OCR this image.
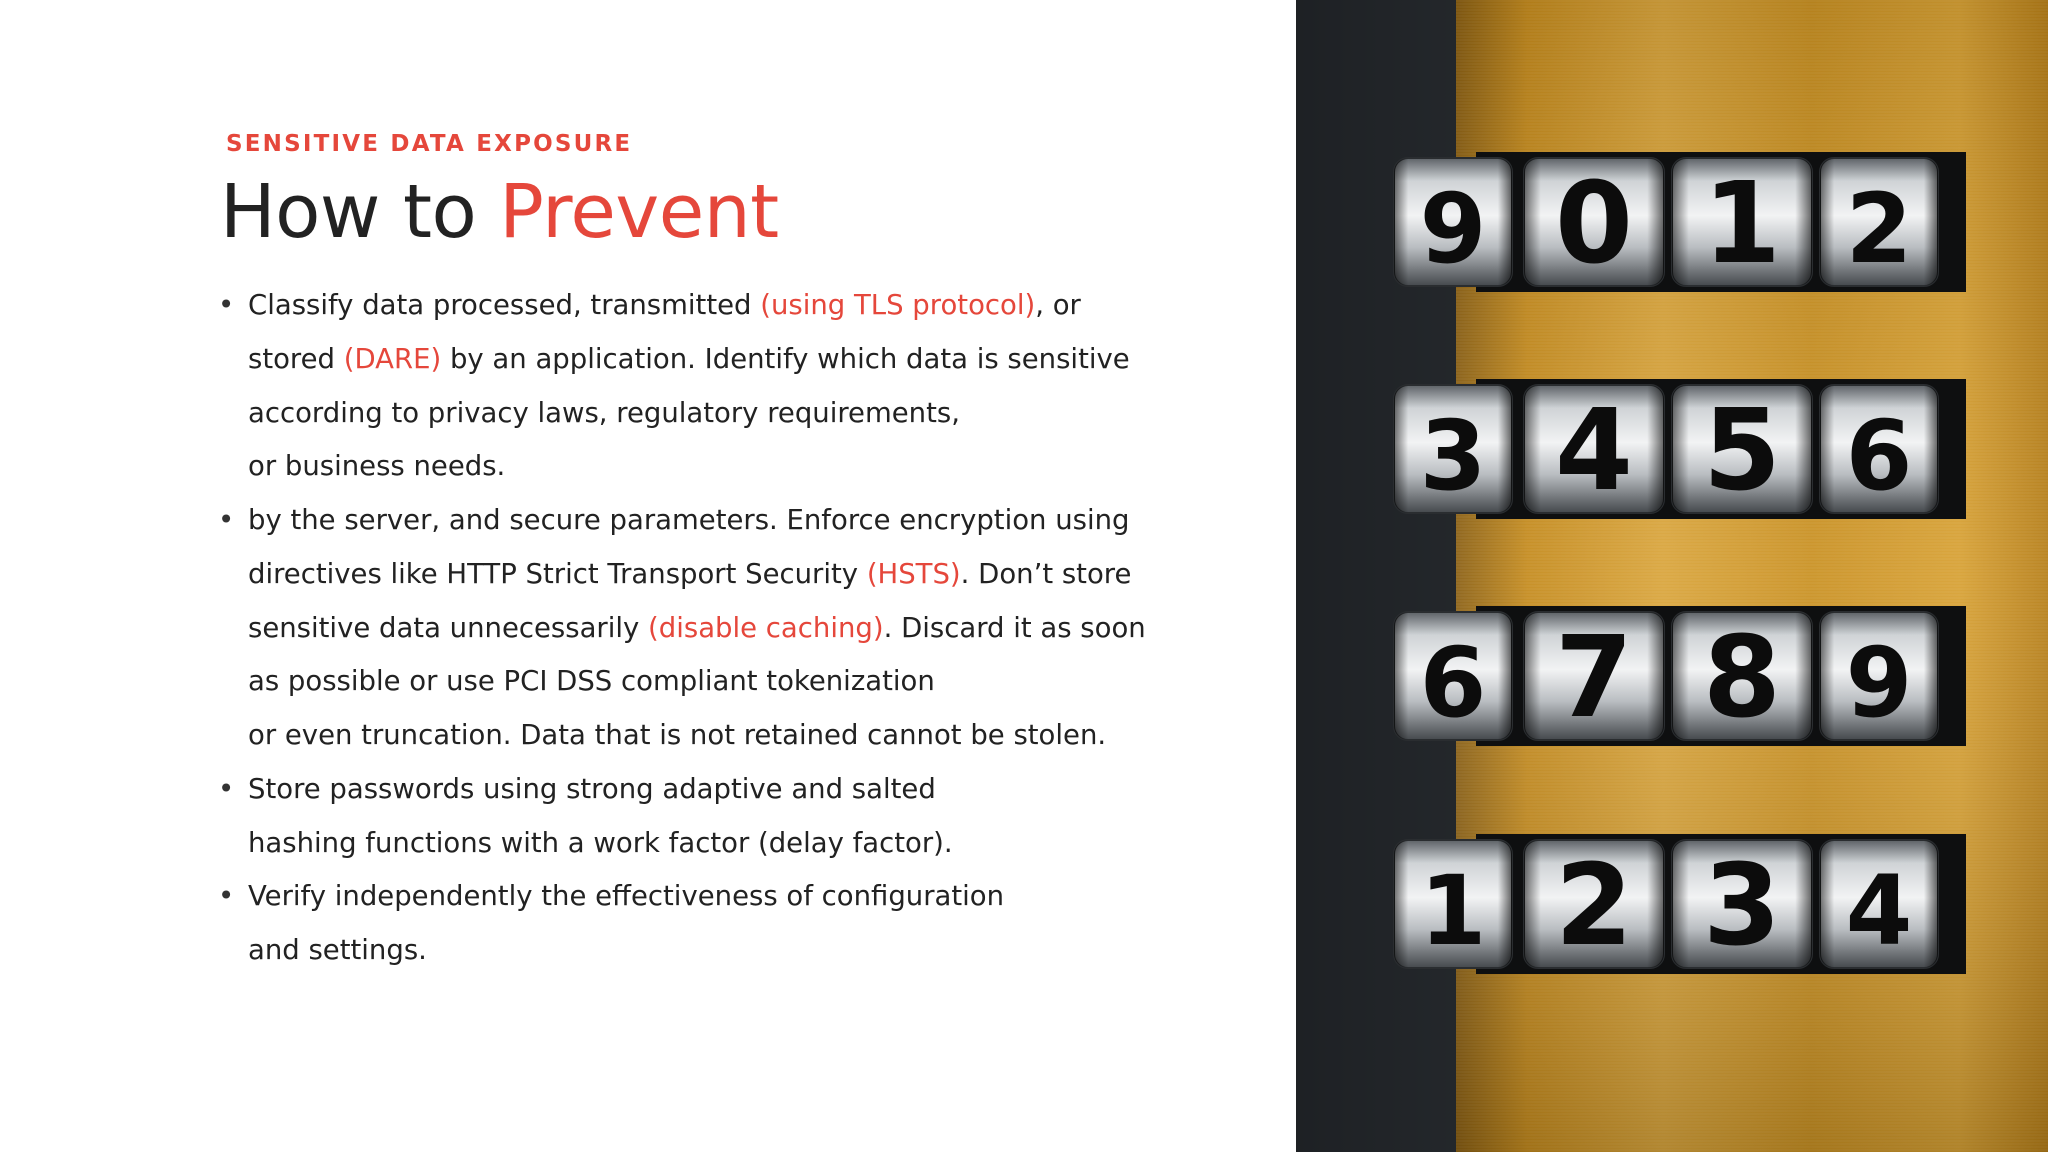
SENSITIVE DATA EXPOSURE
How to Prevent
• Classify data processed, transmitted (using TLS protocol), or
stored (DARE) by an application. Identify which data is sensitive
according to privacy laws, regulatory requirements,
or business needs.
• by the server, and secure parameters. Enforce encryption using
directives like HTTP Strict Transport Security (HSTS). Don’t store
sensitive data unnecessarily (disable caching). Discard it as soon
as possible or use PCI DSS compliant tokenization
or even truncation. Data that is not retained cannot be stolen.
• Store passwords using strong adaptive and salted
hashing functions with a work factor (delay factor).
• Verify independently the effectiveness of configuration
and settings.
9 0 1 2
3 4 5 6
6 7 8 9
1 2 3 4
